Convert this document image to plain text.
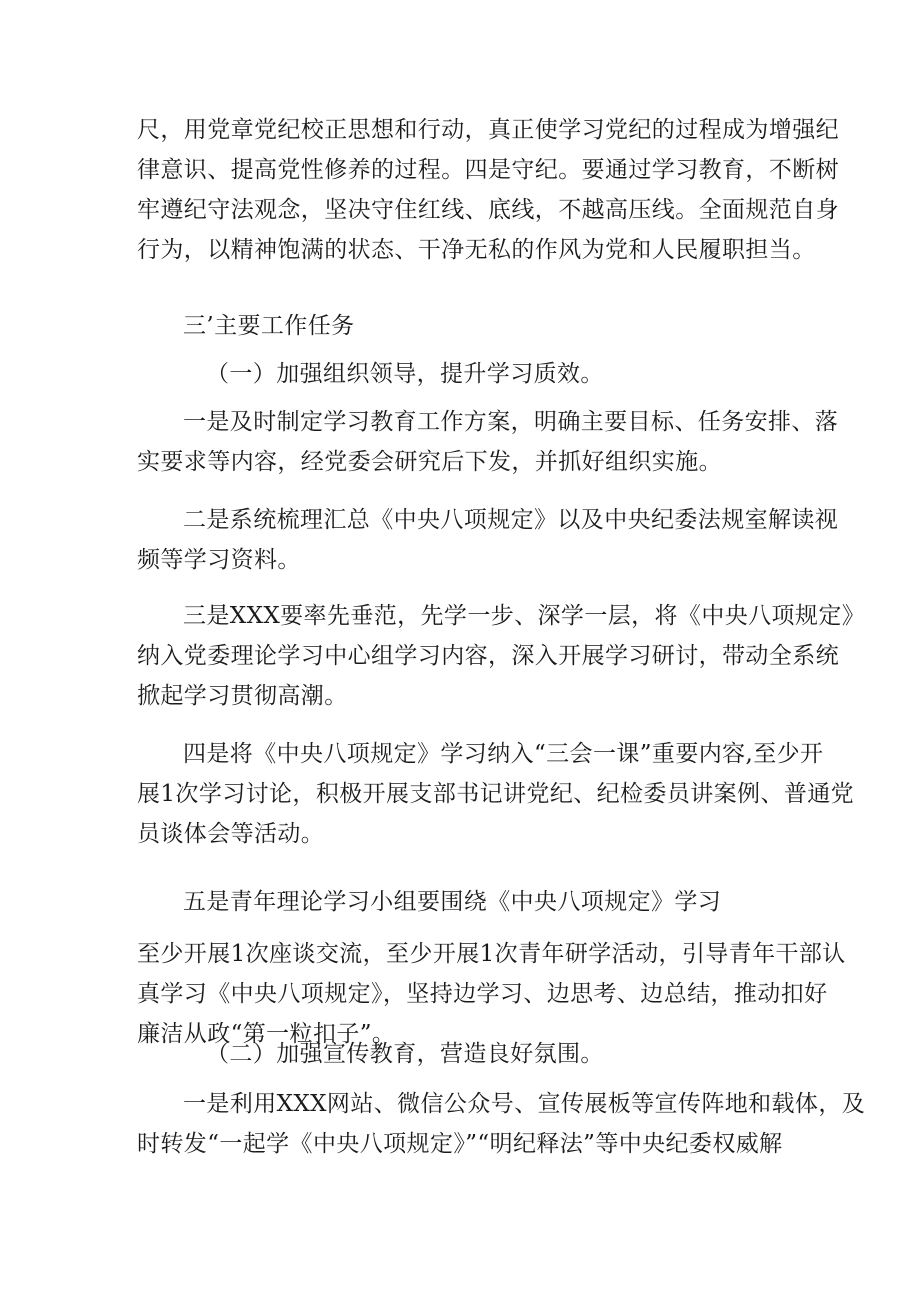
尺，用党章党纪校正思想和行动，真正使学习党纪的过程成为增强纪
律意识、提高党性修养的过程。四是守纪。要通过学习教育，不断树
牢遵纪守法观念，坚决守住红线、底线，不越高压线。全面规范自身
行为，以精神饱满的状态、干净无私的作风为党和人民履职担当。
三’主要工作任务
（一）加强组织领导，提升学习质效。
一是及时制定学习教育工作方案，明确主要目标、任务安排、落
实要求等内容，经党委会研究后下发，并抓好组织实施。
二是系统梳理汇总《中央八项规定》以及中央纪委法规室解读视
频等学习资料。
三是XXX要率先垂范，先学一步、深学一层，将《中央八项规定》
纳入党委理论学习中心组学习内容，深入开展学习研讨，带动全系统
掀起学习贯彻高潮。
四是将《中央八项规定》学习纳入“三会一课”重要内容,至少开
展1次学习讨论，积极开展支部书记讲党纪、纪检委员讲案例、普通党
员谈体会等活动。
五是青年理论学习小组要围绕《中央八项规定》学习
至少开展1次座谈交流，至少开展1次青年研学活动，引导青年干部认
真学习《中央八项规定》，坚持边学习、边思考、边总结，推动扣好
廉洁从政“第一粒扣子”。
（二）加强宣传教育，营造良好氛围。
一是利用XXX网站、微信公众号、宣传展板等宣传阵地和载体，及
时转发“一起学《中央八项规定》”“明纪释法”等中央纪委权威解
